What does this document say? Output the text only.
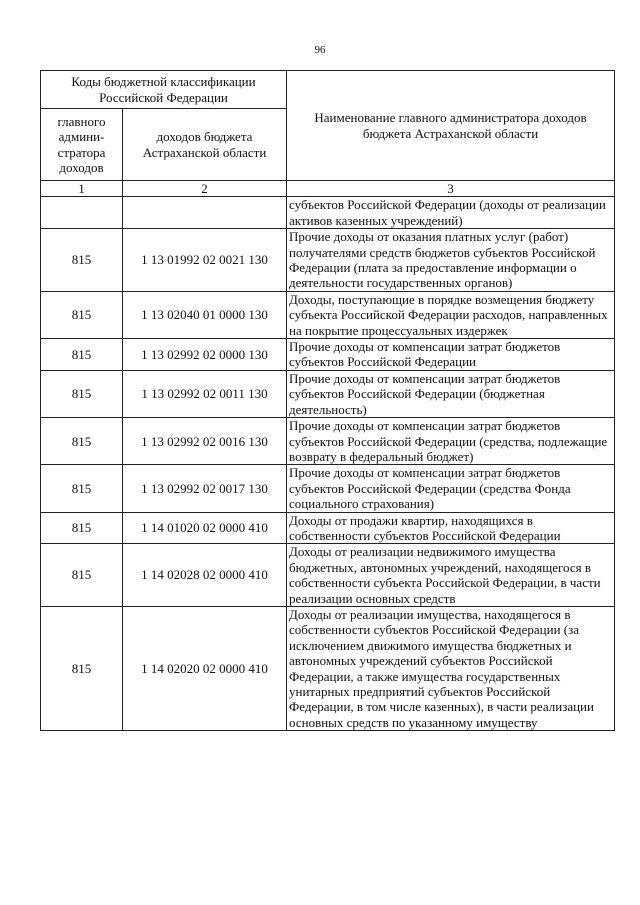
96
Коды бюджетной классификации Российской Федерации		Наименование главного администратора доходов бюджета Астраханской области
главного админи-стратора доходов	доходов бюджета Астраханской области	
1	2	3
		субъектов Российской Федерации (доходы от реализации активов казенных учреждений)
815	1 13 01992 02 0021 130	Прочие доходы от оказания платных услуг (работ) получателями средств бюджетов субъектов Российской Федерации (плата за предоставление информации о деятельности государственных органов)
815	1 13 02040 01 0000 130	Доходы, поступающие в порядке возмещения бюджету субъекта Российской Федерации расходов, направленных на покрытие процессуальных издержек
815	1 13 02992 02 0000 130	Прочие доходы от компенсации затрат бюджетов субъектов Российской Федерации
815	1 13 02992 02 0011 130	Прочие доходы от компенсации затрат бюджетов субъектов Российской Федерации (бюджетная деятельность)
815	1 13 02992 02 0016 130	Прочие доходы от компенсации затрат бюджетов субъектов Российской Федерации (средства, подлежащие возврату в федеральный бюджет)
815	1 13 02992 02 0017 130	Прочие доходы от компенсации затрат бюджетов субъектов Российской Федерации (средства Фонда социального страхования)
815	1 14 01020 02 0000 410	Доходы от продажи квартир, находящихся в собственности субъектов Российской Федерации
815	1 14 02028 02 0000 410	Доходы от реализации недвижимого имущества бюджетных, автономных учреждений, находящегося в собственности субъекта Российской Федерации, в части реализации основных средств
815	1 14 02020 02 0000 410	Доходы от реализации имущества, находящегося в собственности субъектов Российской Федерации (за исключением движимого имущества бюджетных и автономных учреждений субъектов Российской Федерации, а также имущества государственных унитарных предприятий субъектов Российской Федерации, в том числе казенных), в части реализации основных средств по указанному имуществу
